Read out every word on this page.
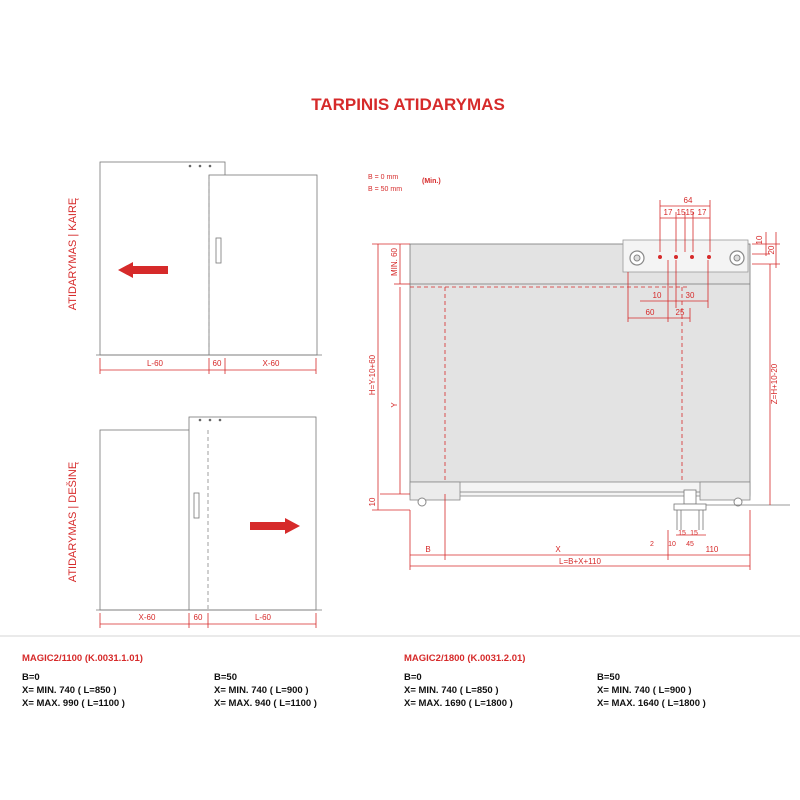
TARPINIS ATIDARYMAS
ATIDARYMAS | KAIRĘ
L-60	60	X-60
ATIDARYMAS | DEŠINĘ
X-60	60	L-60
B = 0 mm
B = 50 mm
(Min.)
64
17 15 15 17
10
20
10	30
60	25
H=Y-10+60
MIN. 60
Y
10
Z=H+10-20
15 15
45
2 10
B	X	110
L=B+X+110
MAGIC2/1100 (K.0031.1.01)
B=0
X= MIN. 740 ( L=850 )
X= MAX. 990 ( L=1100 )
B=50
X= MIN. 740 ( L=900 )
X= MAX. 940 ( L=1100 )
MAGIC2/1800 (K.0031.2.01)
B=0
X= MIN. 740 ( L=850 )
X= MAX. 1690 ( L=1800 )
B=50
X= MIN. 740 ( L=900 )
X= MAX. 1640 ( L=1800 )
